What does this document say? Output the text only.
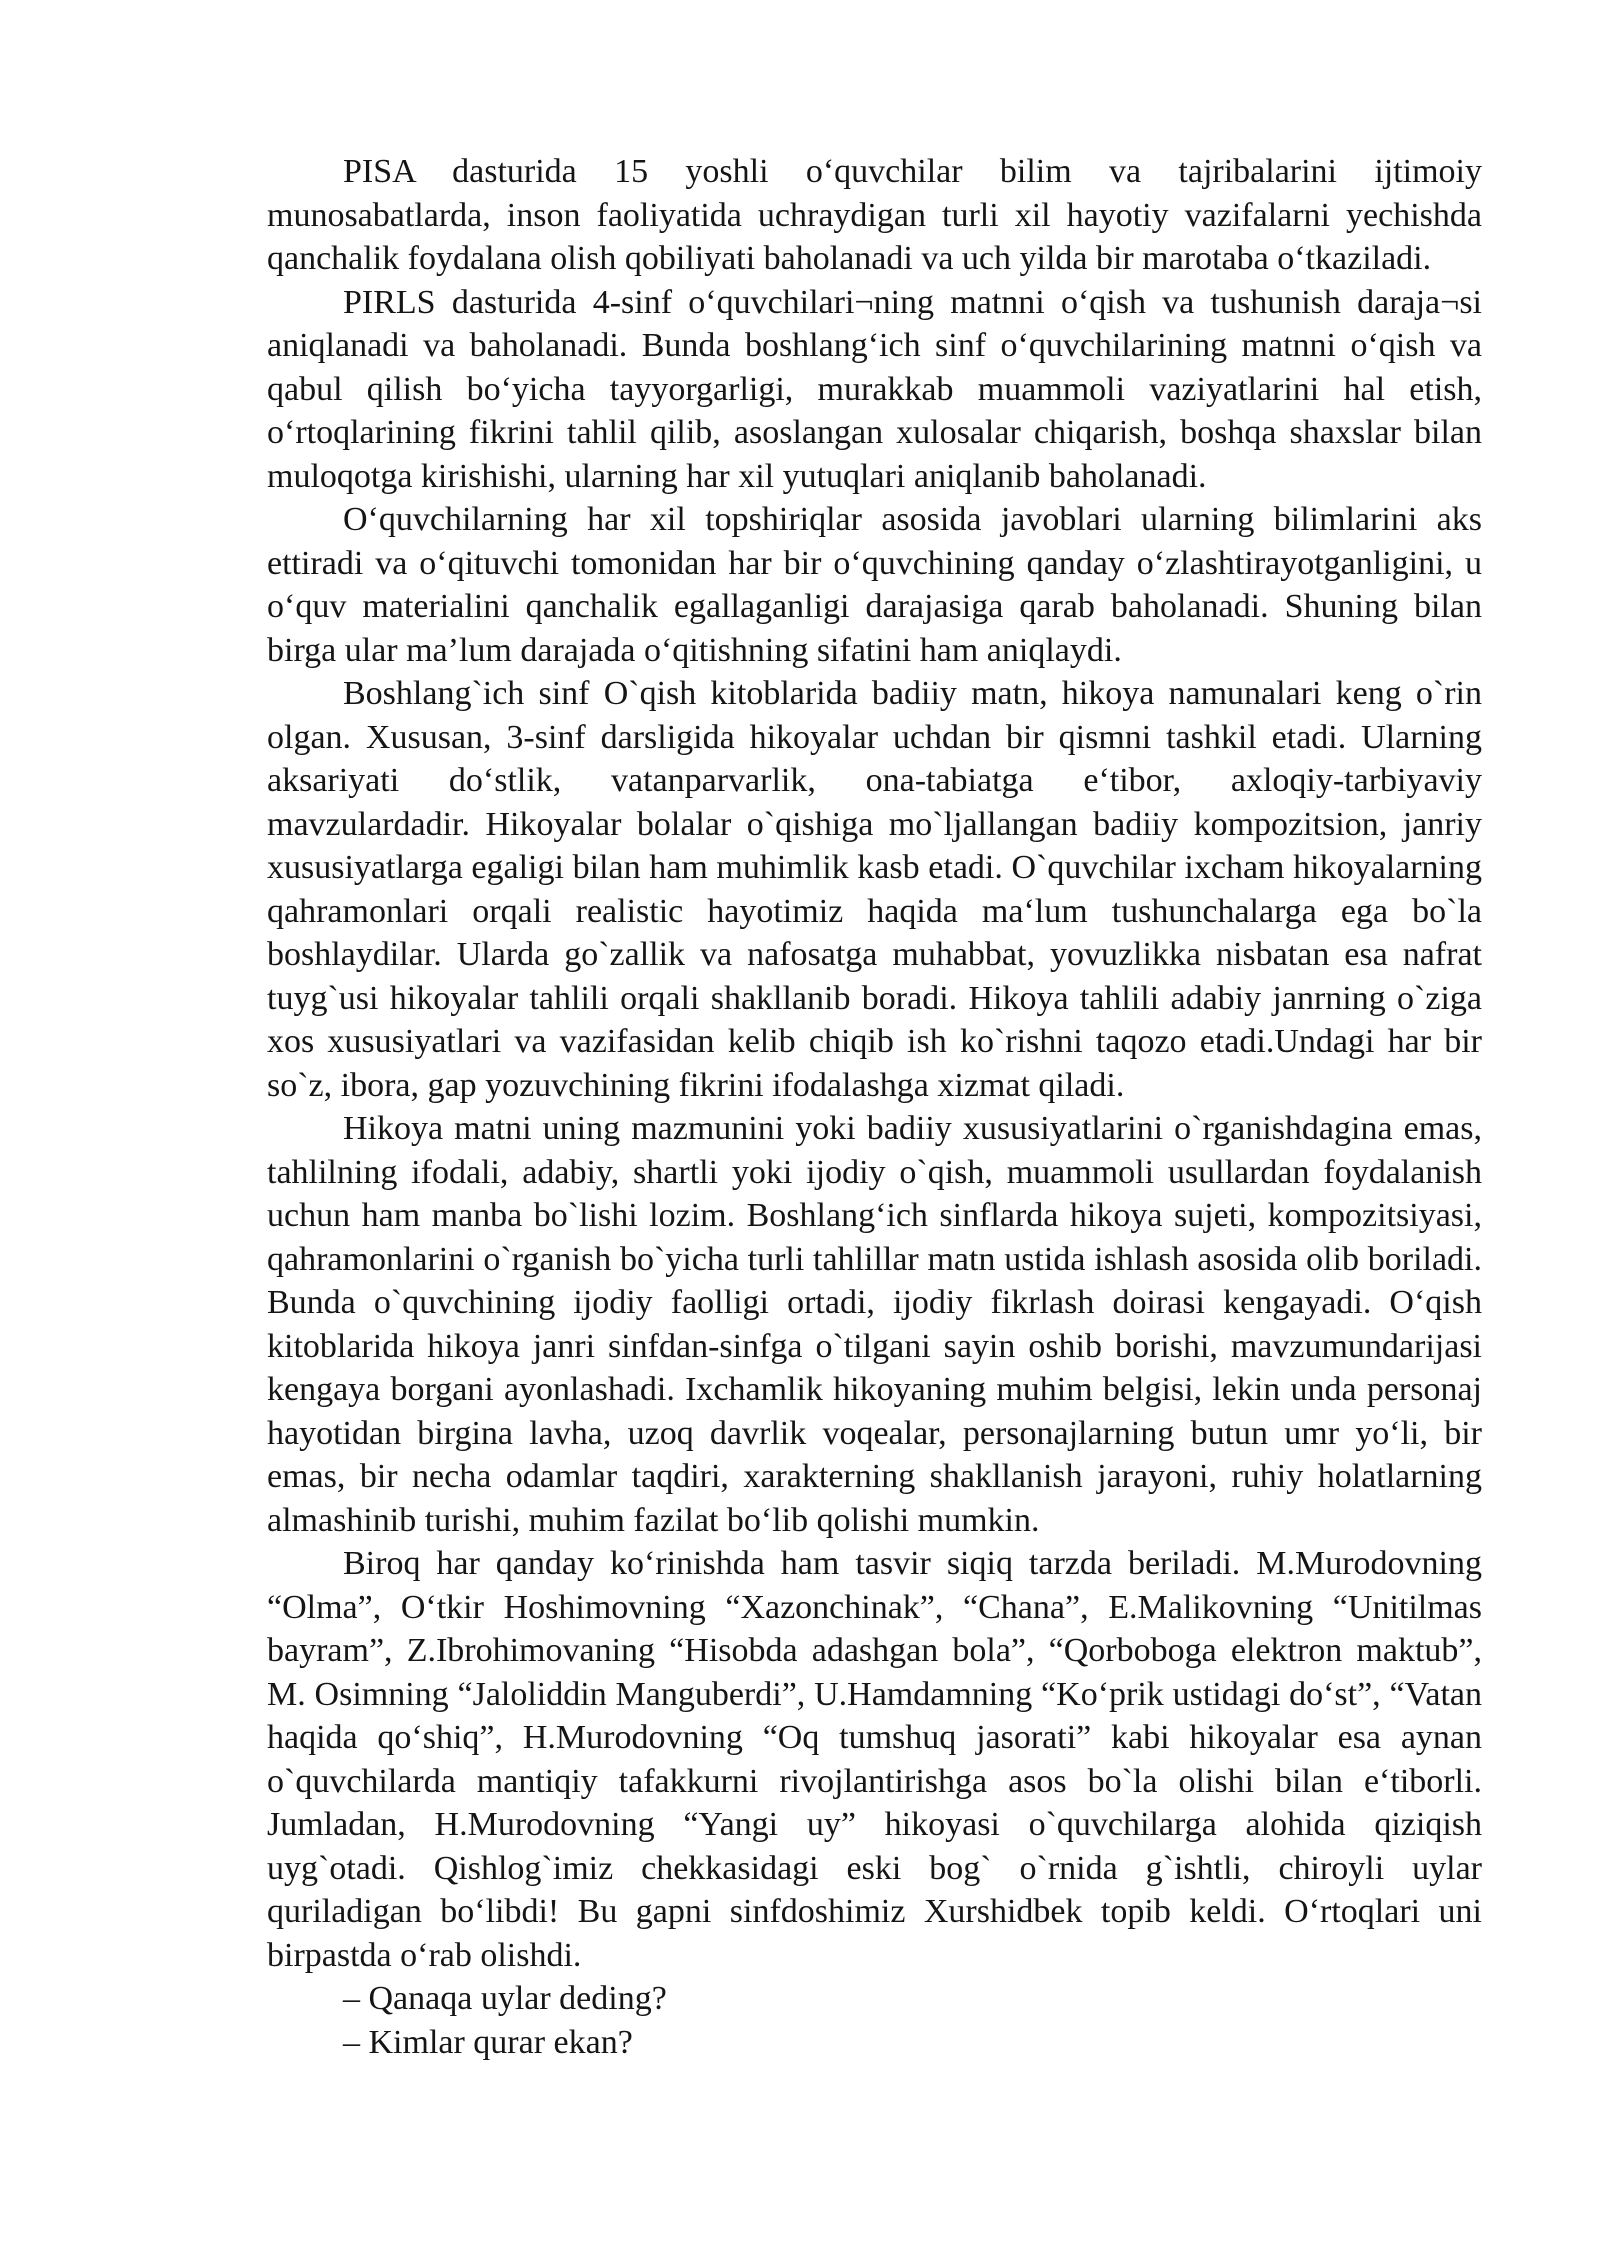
PISA dasturida 15 yoshli o‘quvchilar bilim va tajribalarini ijtimoiy munosabatlarda, inson faoliyatida uchraydigan turli xil hayotiy vazifalarni yechishda qanchalik foydalana olish qobiliyati baholanadi va uch yilda bir marotaba o‘tkaziladi.

PIRLS dasturida 4-sinf o‘quvchilari¬ning matnni o‘qish va tushunish daraja¬si aniqlanadi va baholanadi. Bunda boshlang‘ich sinf o‘quvchilarining matnni o‘qish va qabul qilish bo‘yicha tayyorgarligi, murakkab muammoli vaziyatlarini hal etish, o‘rtoqlarining fikrini tahlil qilib, asoslangan xulosalar chiqarish, boshqa shaxslar bilan muloqotga kirishishi, ularning har xil yutuqlari aniqlanib baholanadi.

O‘quvchilarning har xil topshiriqlar asosida javoblari ularning bilimlarini aks ettiradi va o‘qituvchi tomonidan har bir o‘quvchining qanday o‘zlashtirayotganligini, u o‘quv materialini qanchalik egallaganligi darajasiga qarab baholanadi. Shuning bilan birga ular ma’lum darajada o‘qitishning sifatini ham aniqlaydi.

Boshlang`ich sinf O`qish kitoblarida badiiy matn, hikoya namunalari keng o`rin olgan. Xususan, 3-sinf darsligida hikoyalar uchdan bir qismni tashkil etadi. Ularning aksariyati do‘stlik, vatanparvarlik, ona-tabiatga e‘tibor, axloqiy-tarbiyaviy mavzulardadir. Hikoyalar bolalar o`qishiga mo`ljallangan badiiy kompozitsion, janriy xususiyatlarga egaligi bilan ham muhimlik kasb etadi. O`quvchilar ixcham hikoyalarning qahramonlari orqali realistic hayotimiz haqida ma‘lum tushunchalarga ega bo`la boshlaydilar. Ularda go`zallik va nafosatga muhabbat, yovuzlikka nisbatan esa nafrat tuyg`usi hikoyalar tahlili orqali shakllanib boradi. Hikoya tahlili adabiy janrning o`ziga xos xususiyatlari va vazifasidan kelib chiqib ish ko`rishni taqozo etadi.Undagi har bir so`z, ibora, gap yozuvchining fikrini ifodalashga xizmat qiladi.

Hikoya matni uning mazmunini yoki badiiy xususiyatlarini o`rganishdagina emas, tahlilning ifodali, adabiy, shartli yoki ijodiy o`qish, muammoli usullardan foydalanish uchun ham manba bo`lishi lozim. Boshlang‘ich sinflarda hikoya sujeti, kompozitsiyasi, qahramonlarini o`rganish bo`yicha turli tahlillar matn ustida ishlash asosida olib boriladi. Bunda o`quvchining ijodiy faolligi ortadi, ijodiy fikrlash doirasi kengayadi. O‘qish kitoblarida hikoya janri sinfdan-sinfga o`tilgani sayin oshib borishi, mavzumundarijasi kengaya borgani ayonlashadi. Ixchamlik hikoyaning muhim belgisi, lekin unda personaj hayotidan birgina lavha, uzoq davrlik voqealar, personajlarning butun umr yo‘li, bir emas, bir necha odamlar taqdiri, xarakterning shakllanish jarayoni, ruhiy holatlarning almashinib turishi, muhim fazilat bo‘lib qolishi mumkin.

Biroq har qanday ko‘rinishda ham tasvir siqiq tarzda beriladi. M.Murodovning “Olma”, O‘tkir Hoshimovning “Xazonchinak”, “Chana”, E.Malikovning “Unitilmas bayram”, Z.Ibrohimovaning “Hisobda adashgan bola”, “Qorboboga elektron maktub”, M. Osimning “Jaloliddin Manguberdi”, U.Hamdamning “Ko‘prik ustidagi do‘st”, “Vatan haqida qo‘shiq”, H.Murodovning “Oq tumshuq jasorati” kabi hikoyalar esa aynan o`quvchilarda mantiqiy tafakkurni rivojlantirishga asos bo`la olishi bilan e‘tiborli. Jumladan, H.Murodovning “Yangi uy” hikoyasi o`quvchilarga alohida qiziqish uyg`otadi. Qishlog`imiz chekkasidagi eski bog` o`rnida g`ishtli, chiroyli uylar quriladigan bo‘libdi! Bu gapni sinfdoshimiz Xurshidbek topib keldi. O‘rtoqlari uni birpastda o‘rab olishdi.

– Qanaqa uylar deding?

– Kimlar qurar ekan?
